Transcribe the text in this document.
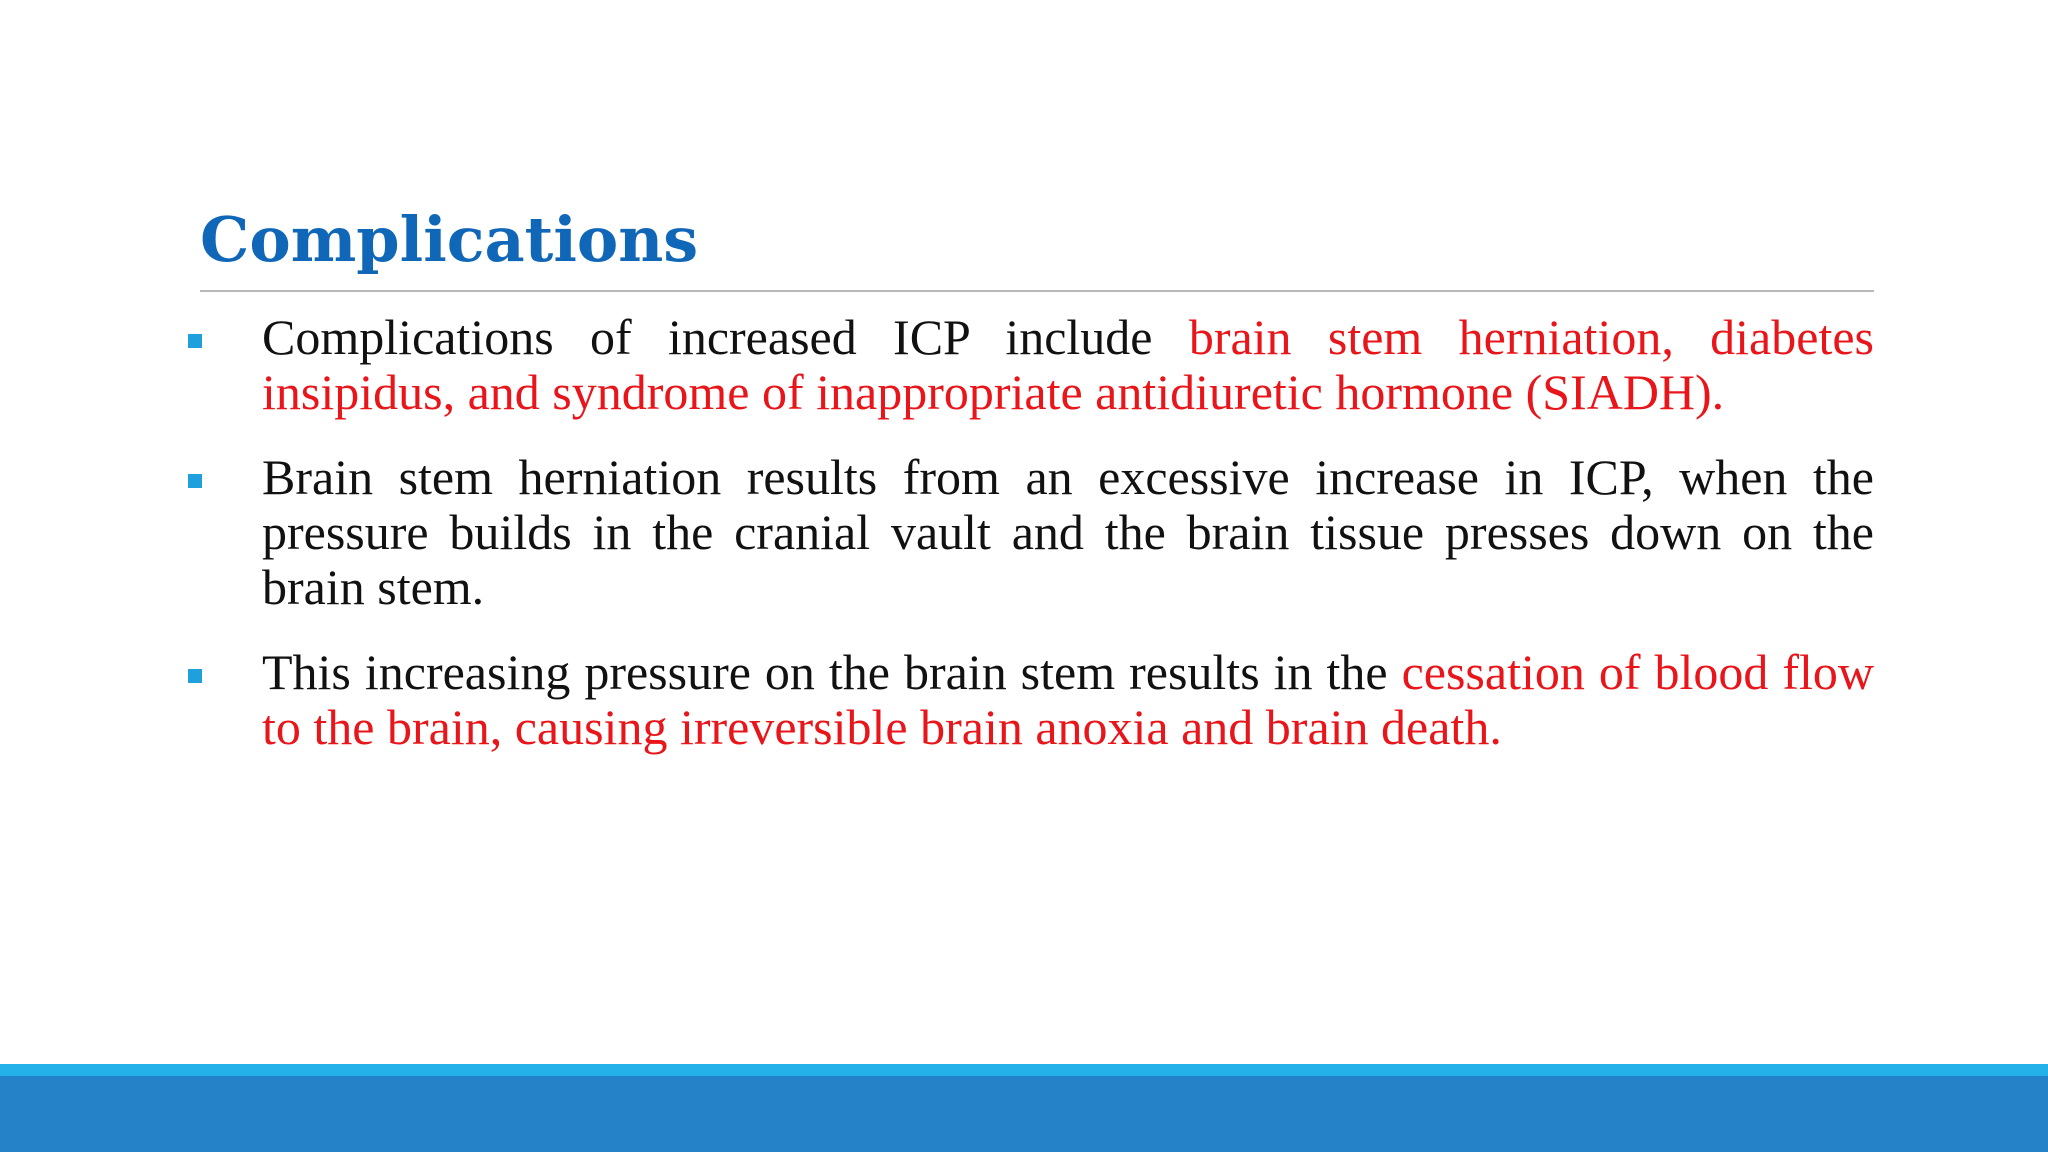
Complications

Complications of increased ICP include brain stem herniation, diabetes insipidus, and syndrome of inappropriate antidiuretic hormone (SIADH).

Brain stem herniation results from an excessive increase in ICP, when the pressure builds in the cranial vault and the brain tissue presses down on the brain stem.

This increasing pressure on the brain stem results in the cessation of blood flow to the brain, causing irreversible brain anoxia and brain death.
